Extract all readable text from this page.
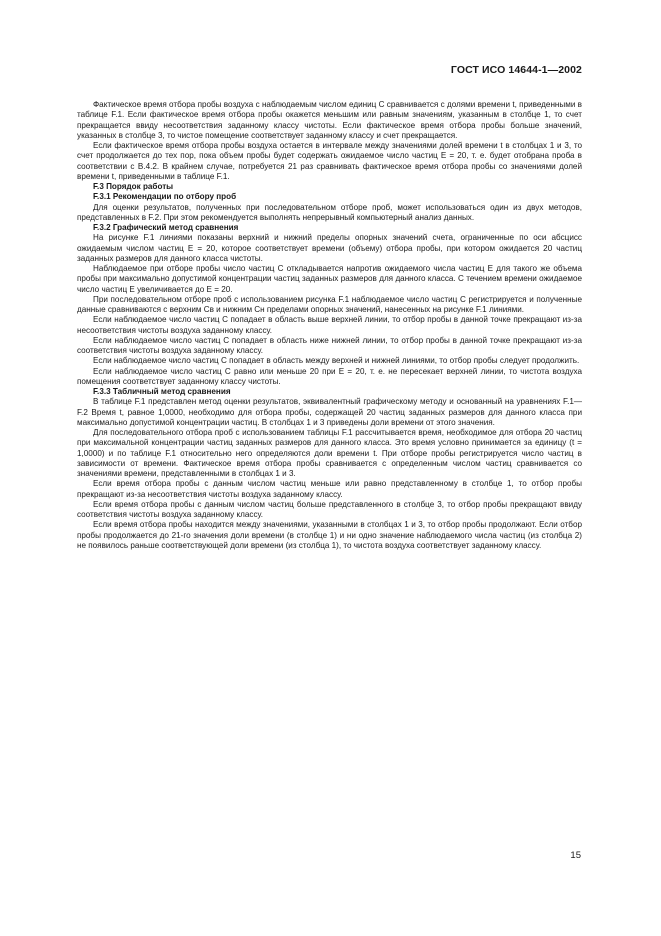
ГОСТ ИСО 14644-1—2002

Фактическое время отбора пробы воздуха с наблюдаемым числом единиц C сравнивается с долями времени t, приведенными в таблице F.1. Если фактическое время отбора пробы окажется меньшим или равным значениям, указанным в столбце 1, то счет прекращается ввиду несоответствия заданному классу чистоты. Если фактическое время отбора пробы больше значений, указанных в столбце 3, то чистое помещение соответствует заданному классу и счет прекращается.

Если фактическое время отбора пробы воздуха остается в интервале между значениями долей времени t в столбцах 1 и 3, то счет продолжается до тех пор, пока объем пробы будет содержать ожидаемое число частиц E = 20, т. е. будет отобрана проба в соответствии с В.4.2. В крайнем случае, потребуется 21 раз сравнивать фактическое время отбора пробы со значениями долей времени t, приведенными в таблице F.1.

F.3 Порядок работы

F.3.1 Рекомендации по отбору проб

Для оценки результатов, полученных при последовательном отборе проб, может использоваться один из двух методов, представленных в F.2. При этом рекомендуется выполнять непрерывный компьютерный анализ данных.

F.3.2 Графический метод сравнения

На рисунке F.1 линиями показаны верхний и нижний пределы опорных значений счета, ограниченные по оси абсцисс ожидаемым числом частиц E = 20, которое соответствует времени (объему) отбора пробы, при котором ожидается 20 частиц заданных размеров для данного класса чистоты.

Наблюдаемое при отборе пробы число частиц C откладывается напротив ожидаемого числа частиц E для такого же объема пробы при максимально допустимой концентрации частиц заданных размеров для данного класса. С течением времени ожидаемое число частиц E увеличивается до E = 20.

При последовательном отборе проб с использованием рисунка F.1 наблюдаемое число частиц C регистрируется и полученные данные сравниваются с верхним Cв и нижним Cн пределами опорных значений, нанесенных на рисунке F.1 линиями.

Если наблюдаемое число частиц C попадает в область выше верхней линии, то отбор пробы в данной точке прекращают из-за несоответствия чистоты воздуха заданному классу.

Если наблюдаемое число частиц C попадает в область ниже нижней линии, то отбор пробы в данной точке прекращают из-за соответствия чистоты воздуха заданному классу.

Если наблюдаемое число частиц C попадает в область между верхней и нижней линиями, то отбор пробы следует продолжить.

Если наблюдаемое число частиц C равно или меньше 20 при E = 20, т. е. не пересекает верхней линии, то чистота воздуха помещения соответствует заданному классу чистоты.

F.3.3 Табличный метод сравнения

В таблице F.1 представлен метод оценки результатов, эквивалентный графическому методу и основанный на уравнениях F.1—F.2 Время t, равное 1,0000, необходимо для отбора пробы, содержащей 20 частиц заданных размеров для данного класса при максимально допустимой концентрации частиц. В столбцах 1 и 3 приведены доли времени от этого значения.

Для последовательного отбора проб с использованием таблицы F.1 рассчитывается время, необходимое для отбора 20 частиц при максимальной концентрации частиц заданных размеров для данного класса. Это время условно принимается за единицу (t = 1,0000) и по таблице F.1 относительно него определяются доли времени t. При отборе пробы регистрируется число частиц в зависимости от времени. Фактическое время отбора пробы сравнивается с определенным числом частиц сравнивается со значениями времени, представленными в столбцах 1 и 3.

Если время отбора пробы с данным числом частиц меньше или равно представленному в столбце 1, то отбор пробы прекращают из-за несоответствия чистоты воздуха заданному классу.

Если время отбора пробы с данным числом частиц больше представленного в столбце 3, то отбор пробы прекращают ввиду соответствия чистоты воздуха заданному классу.

Если время отбора пробы находится между значениями, указанными в столбцах 1 и 3, то отбор пробы продолжают. Если отбор пробы продолжается до 21-го значения доли времени (в столбце 1) и ни одно значение наблюдаемого числа частиц (из столбца 2) не появилось раньше соответствующей доли времени (из столбца 1), то чистота воздуха соответствует заданному классу.

15
